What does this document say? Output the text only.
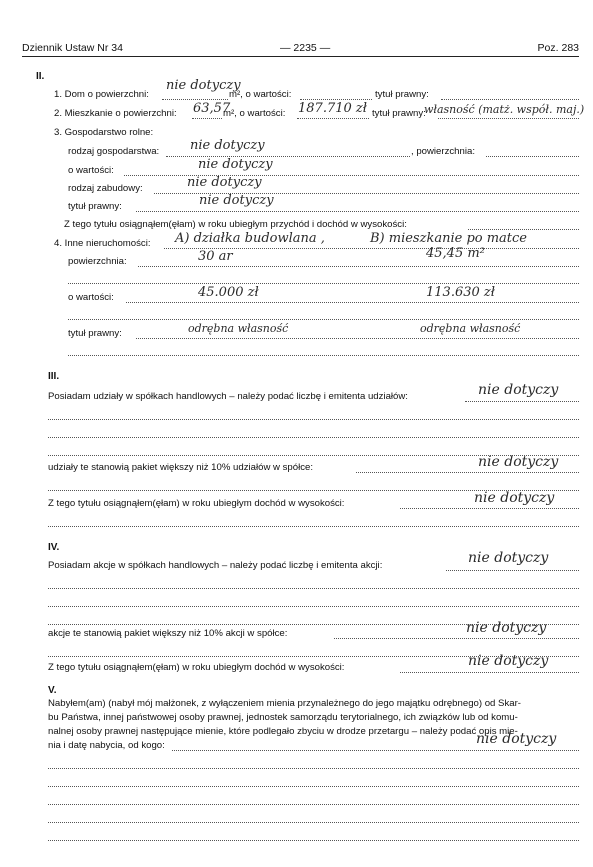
Dziennik Ustaw Nr 34	— 2235 —	Poz. 283
II.
1. Dom o powierzchni:
nie dotyczy
m², o wartości:	tytuł prawny:
2. Mieszkanie o powierzchni: 63,57
m², o wartości: 187.710 zł tytuł prawny:
własność (matż. współ. maj.)
3. Gospodarstwo rolne:
rodzaj gospodarstwa: nie dotyczy	, powierzchnia:
o wartości:	nie dotyczy
rodzaj zabudowy:	nie dotyczy
tytuł prawny:	nie dotyczy
Z tego tytułu osiągnąłem(ęłam) w roku ubiegłym przychód i dochód w wysokości:
4. Inne nieruchomości: A) działka budowlana ,	B) mieszkanie po matce
powierzchnia:	30 ar	45,45 m²
o wartości:	45.000 zł	113.630 zł
tytuł prawny:	odrębna własność	odrębna własność
III.
Posiadam udziały w spółkach handlowych – należy podać liczbę i emitenta udziałów:	nie dotyczy
udziały te stanowią pakiet większy niż 10% udziałów w spółce:	nie dotyczy
Z tego tytułu osiągnąłem(ęłam) w roku ubiegłym dochód w wysokości:	nie dotyczy
IV.
Posiadam akcje w spółkach handlowych – należy podać liczbę i emitenta akcji:	nie dotyczy
akcje te stanowią pakiet większy niż 10% akcji w spółce:	nie dotyczy
Z tego tytułu osiągnąłem(ęłam) w roku ubiegłym dochód w wysokości:	nie dotyczy
V.
Nabyłem(am) (nabył mój małżonek, z wyłączeniem mienia przynależnego do jego majątku odrębnego) od Skar-
bu Państwa, innej państwowej osoby prawnej, jednostek samorządu terytorialnego, ich związków lub od komu-
nalnej osoby prawnej następujące mienie, które podlegało zbyciu w drodze przetargu – należy podać opis mie-
nia i datę nabycia, od kogo:	nie dotyczy
